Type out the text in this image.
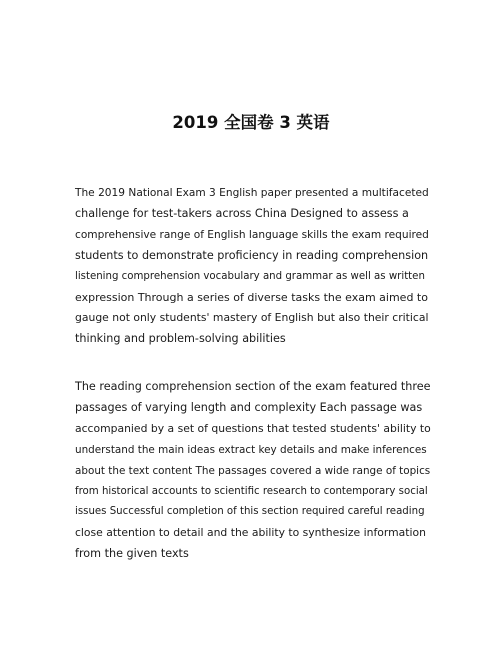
2019 全国卷 3 英语

The 2019 National Exam 3 English paper presented a multifaceted
challenge for test-takers across China Designed to assess a
comprehensive range of English language skills the exam required
students to demonstrate proficiency in reading comprehension
listening comprehension vocabulary and grammar as well as written
expression Through a series of diverse tasks the exam aimed to
gauge not only students' mastery of English but also their critical
thinking and problem-solving abilities

The reading comprehension section of the exam featured three
passages of varying length and complexity Each passage was
accompanied by a set of questions that tested students' ability to
understand the main ideas extract key details and make inferences
about the text content The passages covered a wide range of topics
from historical accounts to scientific research to contemporary social
issues Successful completion of this section required careful reading
close attention to detail and the ability to synthesize information
from the given texts
